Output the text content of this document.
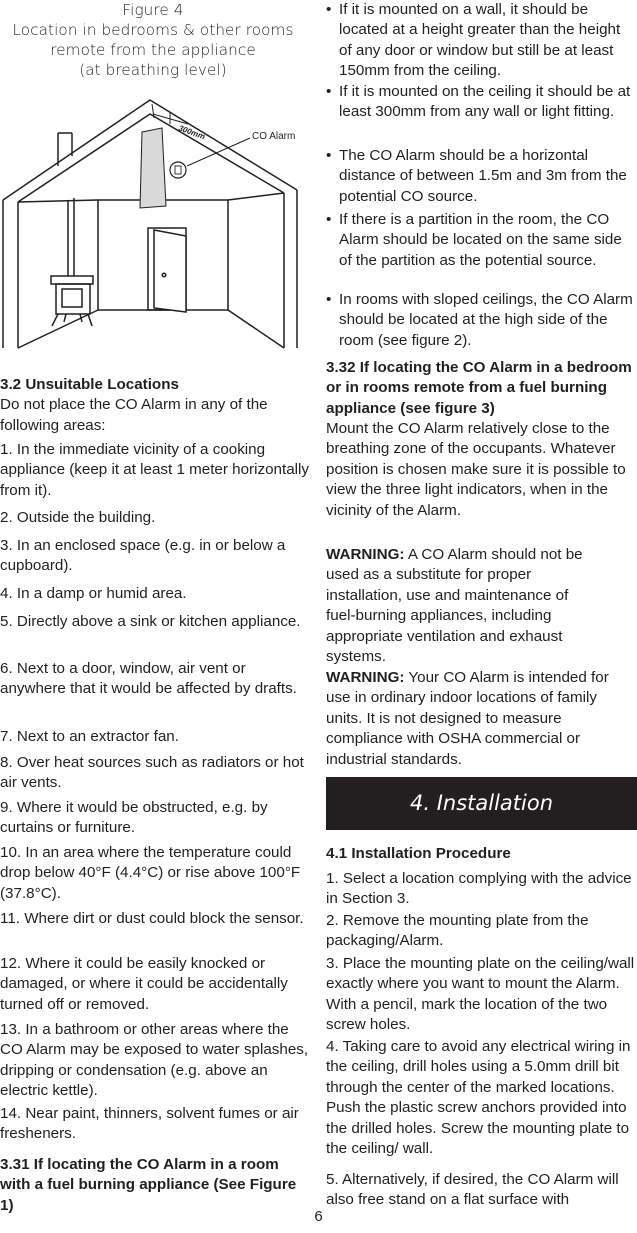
Figure 4
Location in bedrooms & other rooms
remote from the appliance
(at breathing level)
300mm	CO Alarm

3.2 Unsuitable Locations

Do not place the CO Alarm in any of the following areas:

1. In the immediate vicinity of a cooking appliance (keep it at least 1 meter horizontally from it).

2. Outside the building.

3. In an enclosed space (e.g. in or below a cupboard).

4. In a damp or humid area.

5. Directly above a sink or kitchen appliance.

6. Next to a door, window, air vent or anywhere that it would be affected by drafts.

7. Next to an extractor fan.

8. Over heat sources such as radiators or hot air vents.

9. Where it would be obstructed, e.g. by curtains or furniture.

10. In an area where the temperature could drop below 40°F (4.4°C) or rise above 100°F (37.8°C).

11. Where dirt or dust could block the sensor.

12. Where it could be easily knocked or damaged, or where it could be accidentally turned off or removed.

13. In a bathroom or other areas where the CO Alarm may be exposed to water splashes, dripping or condensation (e.g. above an electric kettle).

14. Near paint, thinners, solvent fumes or air fresheners.

3.31 If locating the CO Alarm in a room with a fuel burning appliance (See Figure 1)

• If it is mounted on a wall, it should be located at a height greater than the height of any door or window but still be at least 150mm from the ceiling.
• If it is mounted on the ceiling it should be at least 300mm from any wall or light fitting.
• The CO Alarm should be a horizontal distance of between 1.5m and 3m from the potential CO source.
• If there is a partition in the room, the CO Alarm should be located on the same side of the partition as the potential source.
• In rooms with sloped ceilings, the CO Alarm should be located at the high side of the room (see figure 2).

3.32 If locating the CO Alarm in a bedroom or in rooms remote from a fuel burning appliance (see figure 3)

Mount the CO Alarm relatively close to the breathing zone of the occupants. Whatever position is chosen make sure it is possible to view the three light indicators, when in the vicinity of the Alarm.

WARNING: A CO Alarm should not be used as a substitute for proper installation, use and maintenance of fuel-burning appliances, including appropriate ventilation and exhaust systems.

WARNING: Your CO Alarm is intended for use in ordinary indoor locations of family units. It is not designed to measure compliance with OSHA commercial or industrial standards.

4. Installation

4.1 Installation Procedure

1. Select a location complying with the advice in Section 3.

2. Remove the mounting plate from the packaging/Alarm.

3. Place the mounting plate on the ceiling/wall exactly where you want to mount the Alarm. With a pencil, mark the location of the two screw holes.

4. Taking care to avoid any electrical wiring in the ceiling, drill holes using a 5.0mm drill bit through the center of the marked locations. Push the plastic screw anchors provided into the drilled holes. Screw the mounting plate to the ceiling/ wall.

5. Alternatively, if desired, the CO Alarm will also free stand on a flat surface with

6
